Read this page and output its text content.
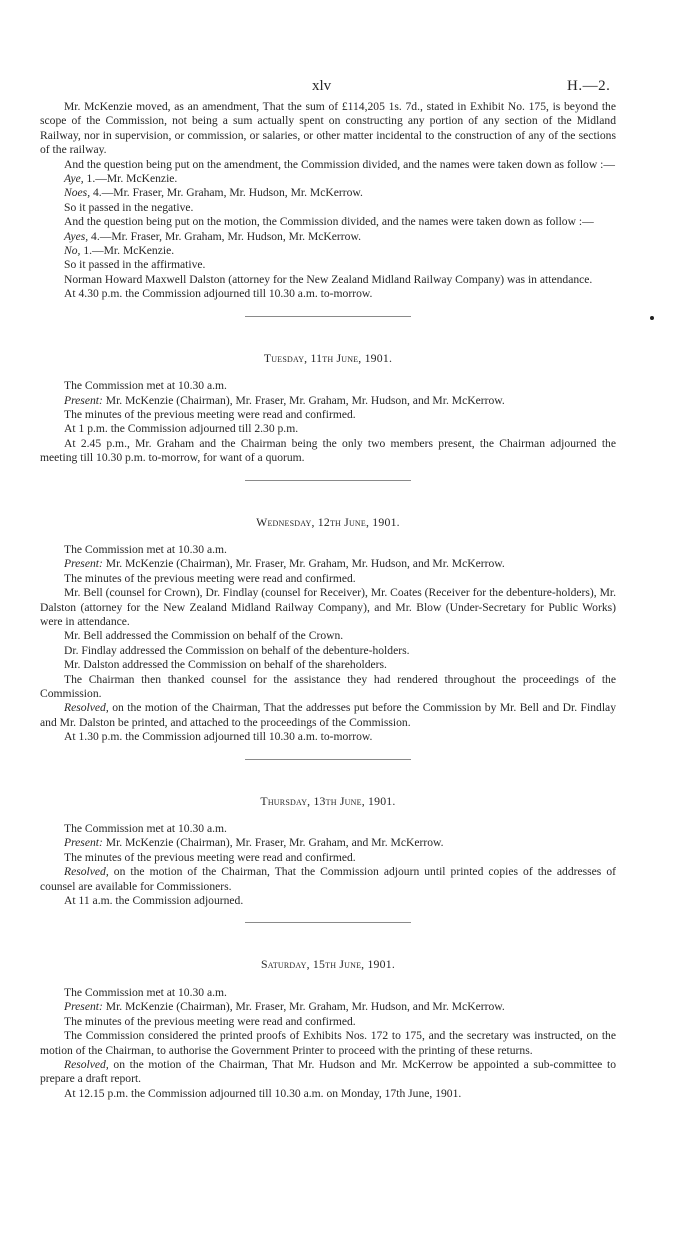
xlv	H.—2.

Mr. McKenzie moved, as an amendment, That the sum of £114,205 1s. 7d., stated in Exhibit No. 175, is beyond the scope of the Commission, not being a sum actually spent on constructing any portion of any section of the Midland Railway, nor in supervision, or commission, or salaries, or other matter incidental to the construction of any of the sections of the railway.

And the question being put on the amendment, the Commission divided, and the names were taken down as follow :—

Aye, 1.—Mr. McKenzie.

Noes, 4.—Mr. Fraser, Mr. Graham, Mr. Hudson, Mr. McKerrow.

So it passed in the negative.

And the question being put on the motion, the Commission divided, and the names were taken down as follow :—

Ayes, 4.—Mr. Fraser, Mr. Graham, Mr. Hudson, Mr. McKerrow.

No, 1.—Mr. McKenzie.

So it passed in the affirmative.

Norman Howard Maxwell Dalston (attorney for the New Zealand Midland Railway Company) was in attendance.

At 4.30 p.m. the Commission adjourned till 10.30 a.m. to-morrow.

Tuesday, 11th June, 1901.

The Commission met at 10.30 a.m.

Present: Mr. McKenzie (Chairman), Mr. Fraser, Mr. Graham, Mr. Hudson, and Mr. McKerrow.

The minutes of the previous meeting were read and confirmed.

At 1 p.m. the Commission adjourned till 2.30 p.m.

At 2.45 p.m., Mr. Graham and the Chairman being the only two members present, the Chairman adjourned the meeting till 10.30 p.m. to-morrow, for want of a quorum.

Wednesday, 12th June, 1901.

The Commission met at 10.30 a.m.

Present: Mr. McKenzie (Chairman), Mr. Fraser, Mr. Graham, Mr. Hudson, and Mr. McKerrow.

The minutes of the previous meeting were read and confirmed.

Mr. Bell (counsel for Crown), Dr. Findlay (counsel for Receiver), Mr. Coates (Receiver for the debenture-holders), Mr. Dalston (attorney for the New Zealand Midland Railway Company), and Mr. Blow (Under-Secretary for Public Works) were in attendance.

Mr. Bell addressed the Commission on behalf of the Crown.

Dr. Findlay addressed the Commission on behalf of the debenture-holders.

Mr. Dalston addressed the Commission on behalf of the shareholders.

The Chairman then thanked counsel for the assistance they had rendered throughout the proceedings of the Commission.

Resolved, on the motion of the Chairman, That the addresses put before the Commission by Mr. Bell and Dr. Findlay and Mr. Dalston be printed, and attached to the proceedings of the Commission.

At 1.30 p.m. the Commission adjourned till 10.30 a.m. to-morrow.

Thursday, 13th June, 1901.

The Commission met at 10.30 a.m.

Present: Mr. McKenzie (Chairman), Mr. Fraser, Mr. Graham, and Mr. McKerrow.

The minutes of the previous meeting were read and confirmed.

Resolved, on the motion of the Chairman, That the Commission adjourn until printed copies of the addresses of counsel are available for Commissioners.

At 11 a.m. the Commission adjourned.

Saturday, 15th June, 1901.

The Commission met at 10.30 a.m.

Present: Mr. McKenzie (Chairman), Mr. Fraser, Mr. Graham, Mr. Hudson, and Mr. McKerrow.

The minutes of the previous meeting were read and confirmed.

The Commission considered the printed proofs of Exhibits Nos. 172 to 175, and the secretary was instructed, on the motion of the Chairman, to authorise the Government Printer to proceed with the printing of these returns.

Resolved, on the motion of the Chairman, That Mr. Hudson and Mr. McKerrow be appointed a sub-committee to prepare a draft report.

At 12.15 p.m. the Commission adjourned till 10.30 a.m. on Monday, 17th June, 1901.
